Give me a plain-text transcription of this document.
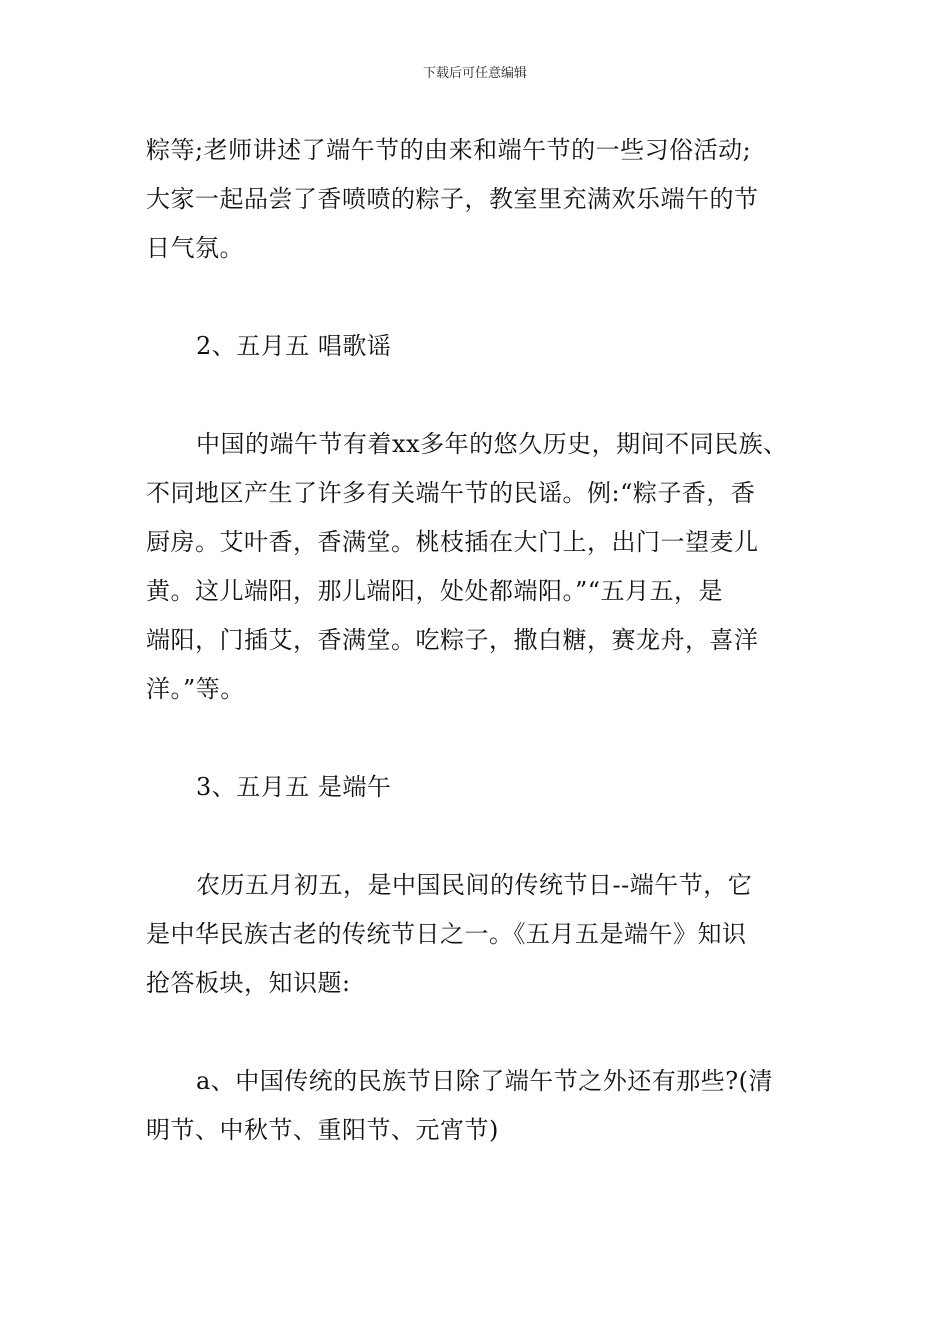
下载后可任意编辑

粽等;老师讲述了端午节的由来和端午节的一些习俗活动;
大家一起品尝了香喷喷的粽子，教室里充满欢乐端午的节
日气氛。

2、五月五 唱歌谣

中国的端午节有着xx多年的悠久历史，期间不同民族、
不同地区产生了许多有关端午节的民谣。例:“粽子香，香
厨房。艾叶香，香满堂。桃枝插在大门上，出门一望麦儿
黄。这儿端阳，那儿端阳，处处都端阳。”“五月五，是
端阳，门插艾，香满堂。吃粽子，撒白糖，赛龙舟，喜洋
洋。”等。

3、五月五 是端午

农历五月初五，是中国民间的传统节日--端午节，它
是中华民族古老的传统节日之一。《五月五是端午》知识
抢答板块，知识题:

a、中国传统的民族节日除了端午节之外还有那些?(清
明节、中秋节、重阳节、元宵节)
